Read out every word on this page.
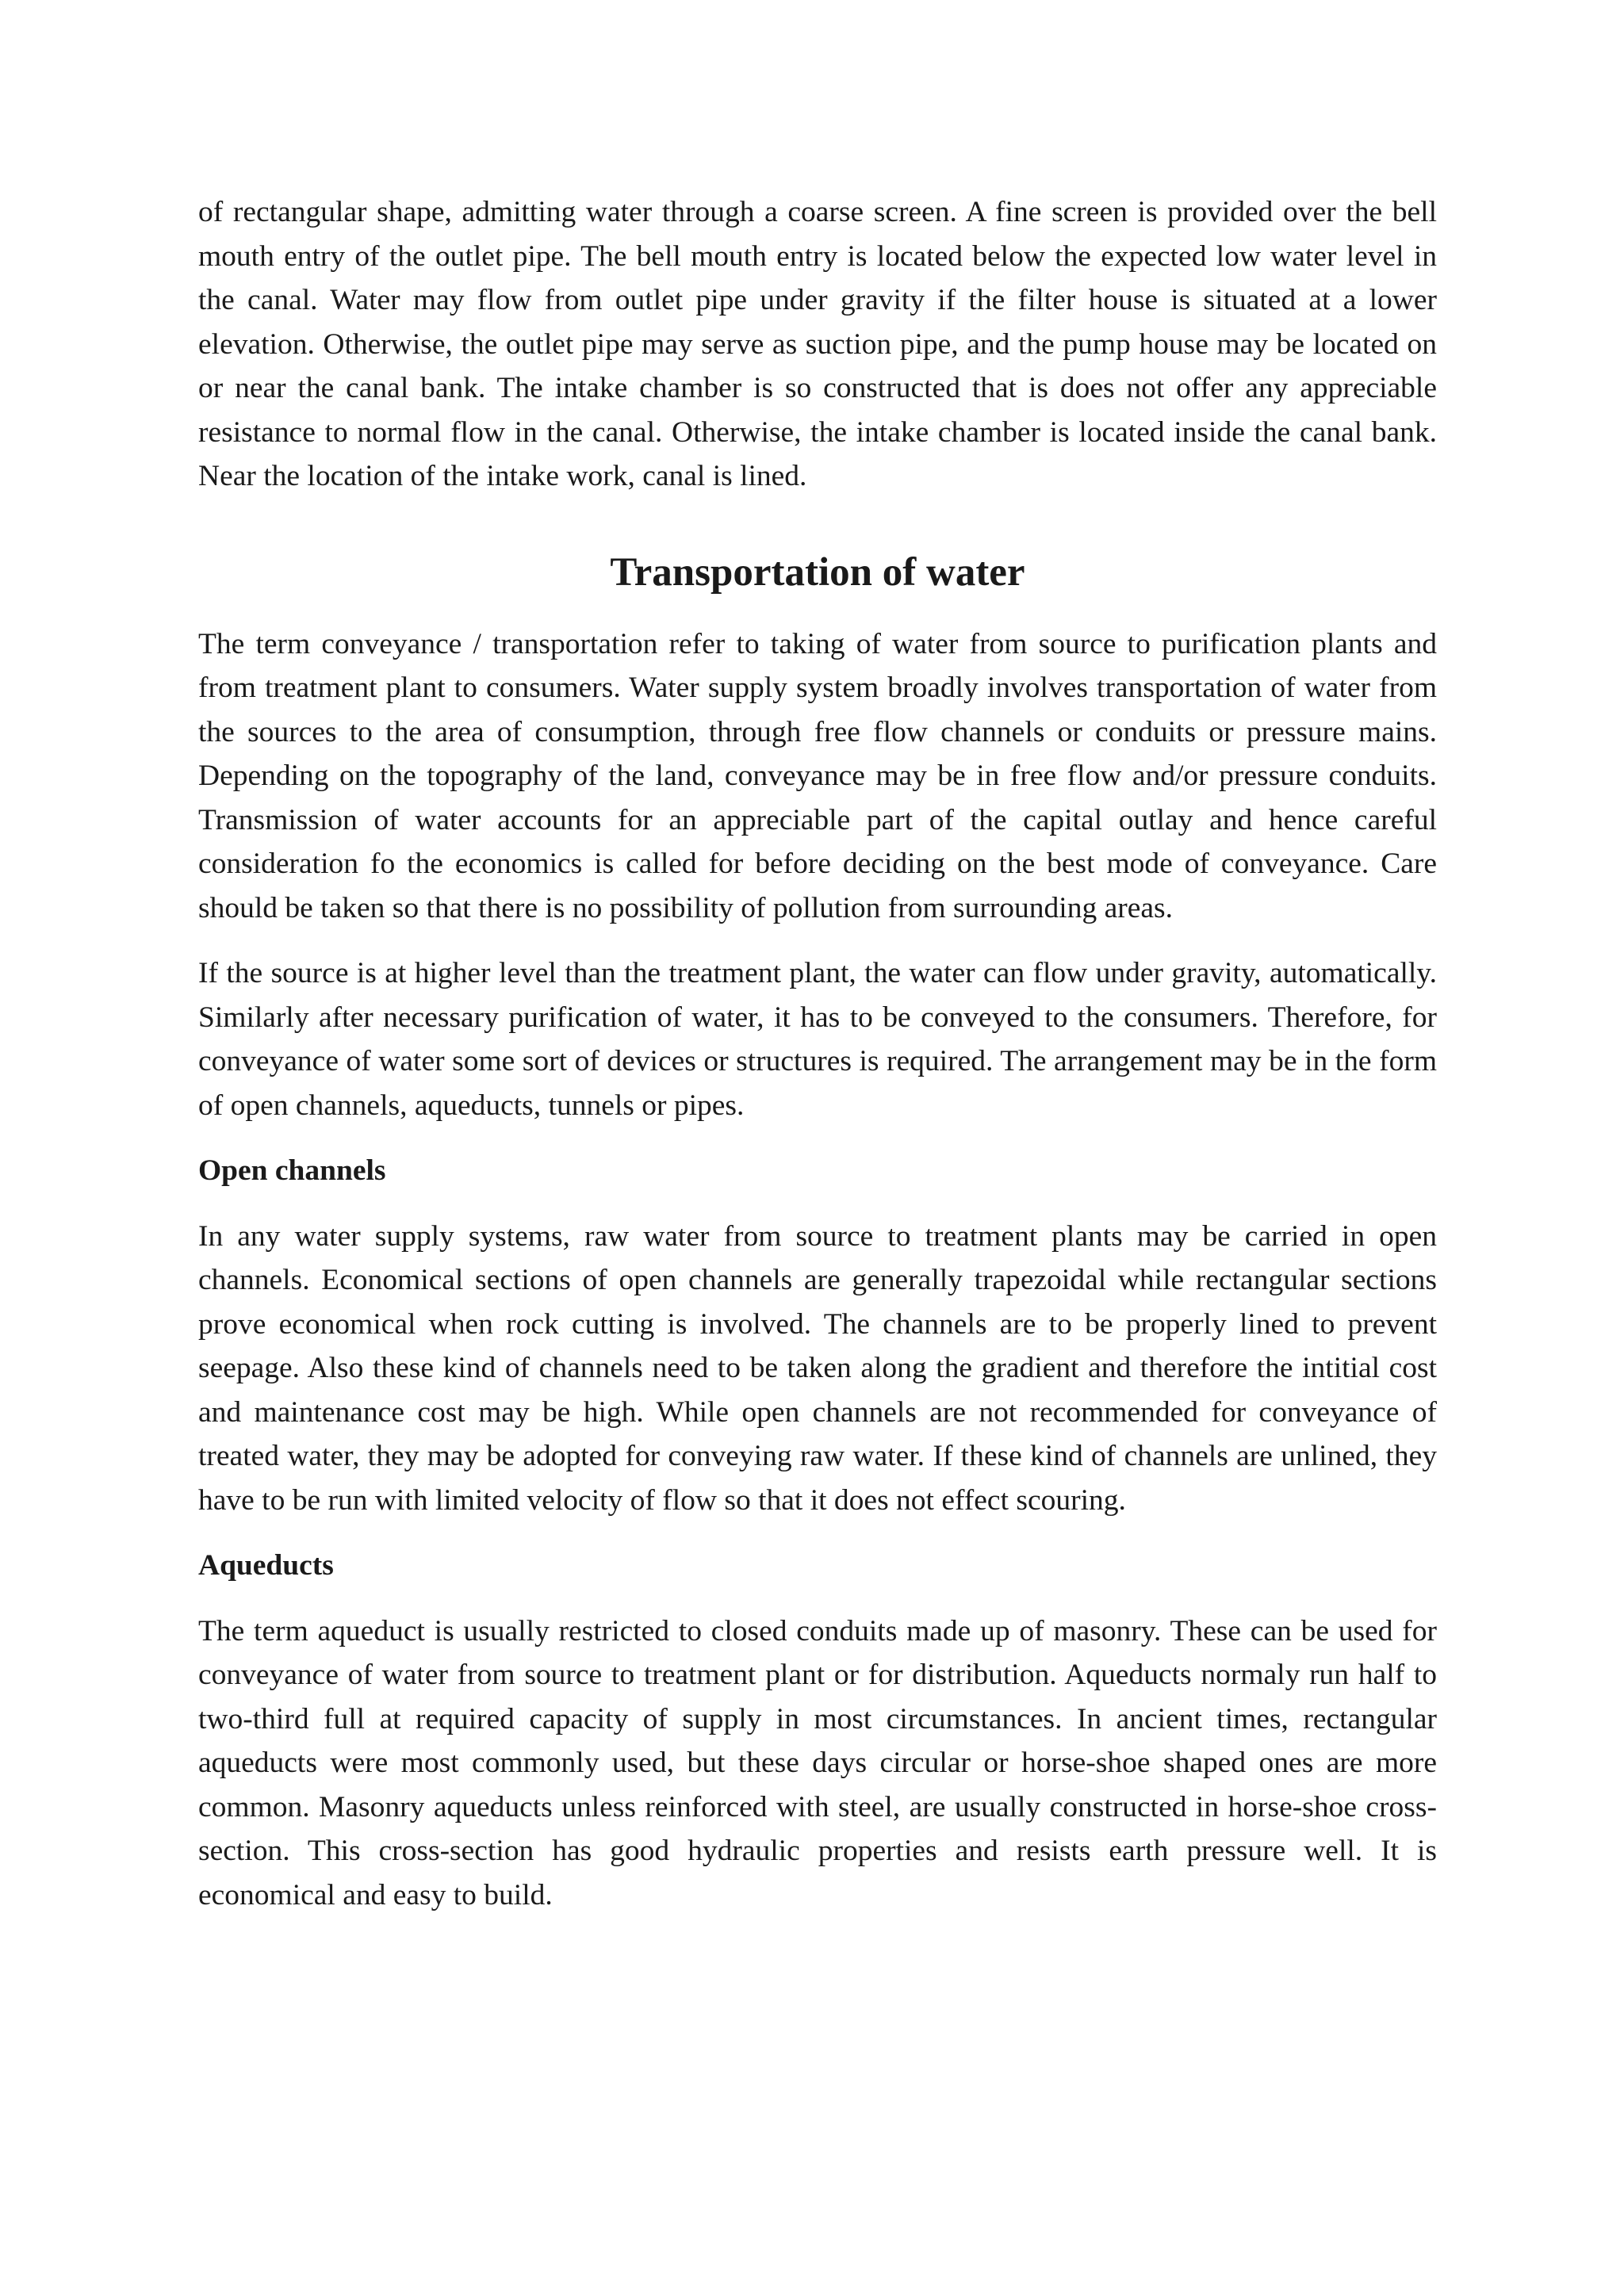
of rectangular shape, admitting water through a coarse screen. A fine screen is provided over the bell mouth entry of the outlet pipe. The bell mouth entry is located below the expected low water level in the canal. Water may flow from outlet pipe under gravity if the filter house is situated at a lower elevation. Otherwise, the outlet pipe may serve as suction pipe, and the pump house may be located on or near the canal bank. The intake chamber is so constructed that is does not offer any appreciable resistance to normal flow in the canal. Otherwise, the intake chamber is located inside the canal bank. Near the location of the intake work, canal is lined.

Transportation of water

The term conveyance / transportation refer to taking of water from source to purification plants and from treatment plant to consumers. Water supply system broadly involves transportation of water from the sources to the area of consumption, through free flow channels or conduits or pressure mains. Depending on the topography of the land, conveyance may be in free flow and/or pressure conduits. Transmission of water accounts for an appreciable part of the capital outlay and hence careful consideration fo the economics is called for before deciding on the best mode of conveyance. Care should be taken so that there is no possibility of pollution from surrounding areas.

If the source is at higher level than the treatment plant, the water can flow under gravity, automatically. Similarly after necessary purification of water, it has to be conveyed to the consumers. Therefore, for conveyance of water some sort of devices or structures is required. The arrangement may be in the form of open channels, aqueducts, tunnels or pipes.

Open channels

In any water supply systems, raw water from source to treatment plants may be carried in open channels. Economical sections of open channels are generally trapezoidal while rectangular sections prove economical when rock cutting is involved. The channels are to be properly lined to prevent seepage. Also these kind of channels need to be taken along the gradient and therefore the intitial cost and maintenance cost may be high. While open channels are not recommended for conveyance of treated water, they may be adopted for conveying raw water. If these kind of channels are unlined, they have to be run with limited velocity of flow so that it does not effect scouring.

Aqueducts

The term aqueduct is usually restricted to closed conduits made up of masonry. These can be used for conveyance of water from source to treatment plant or for distribution. Aqueducts normaly run half to two-third full at required capacity of supply in most circumstances. In ancient times, rectangular aqueducts were most commonly used, but these days circular or horse-shoe shaped ones are more common. Masonry aqueducts unless reinforced with steel, are usually constructed in horse-shoe cross-section. This cross-section has good hydraulic properties and resists earth pressure well. It is economical and easy to build.
